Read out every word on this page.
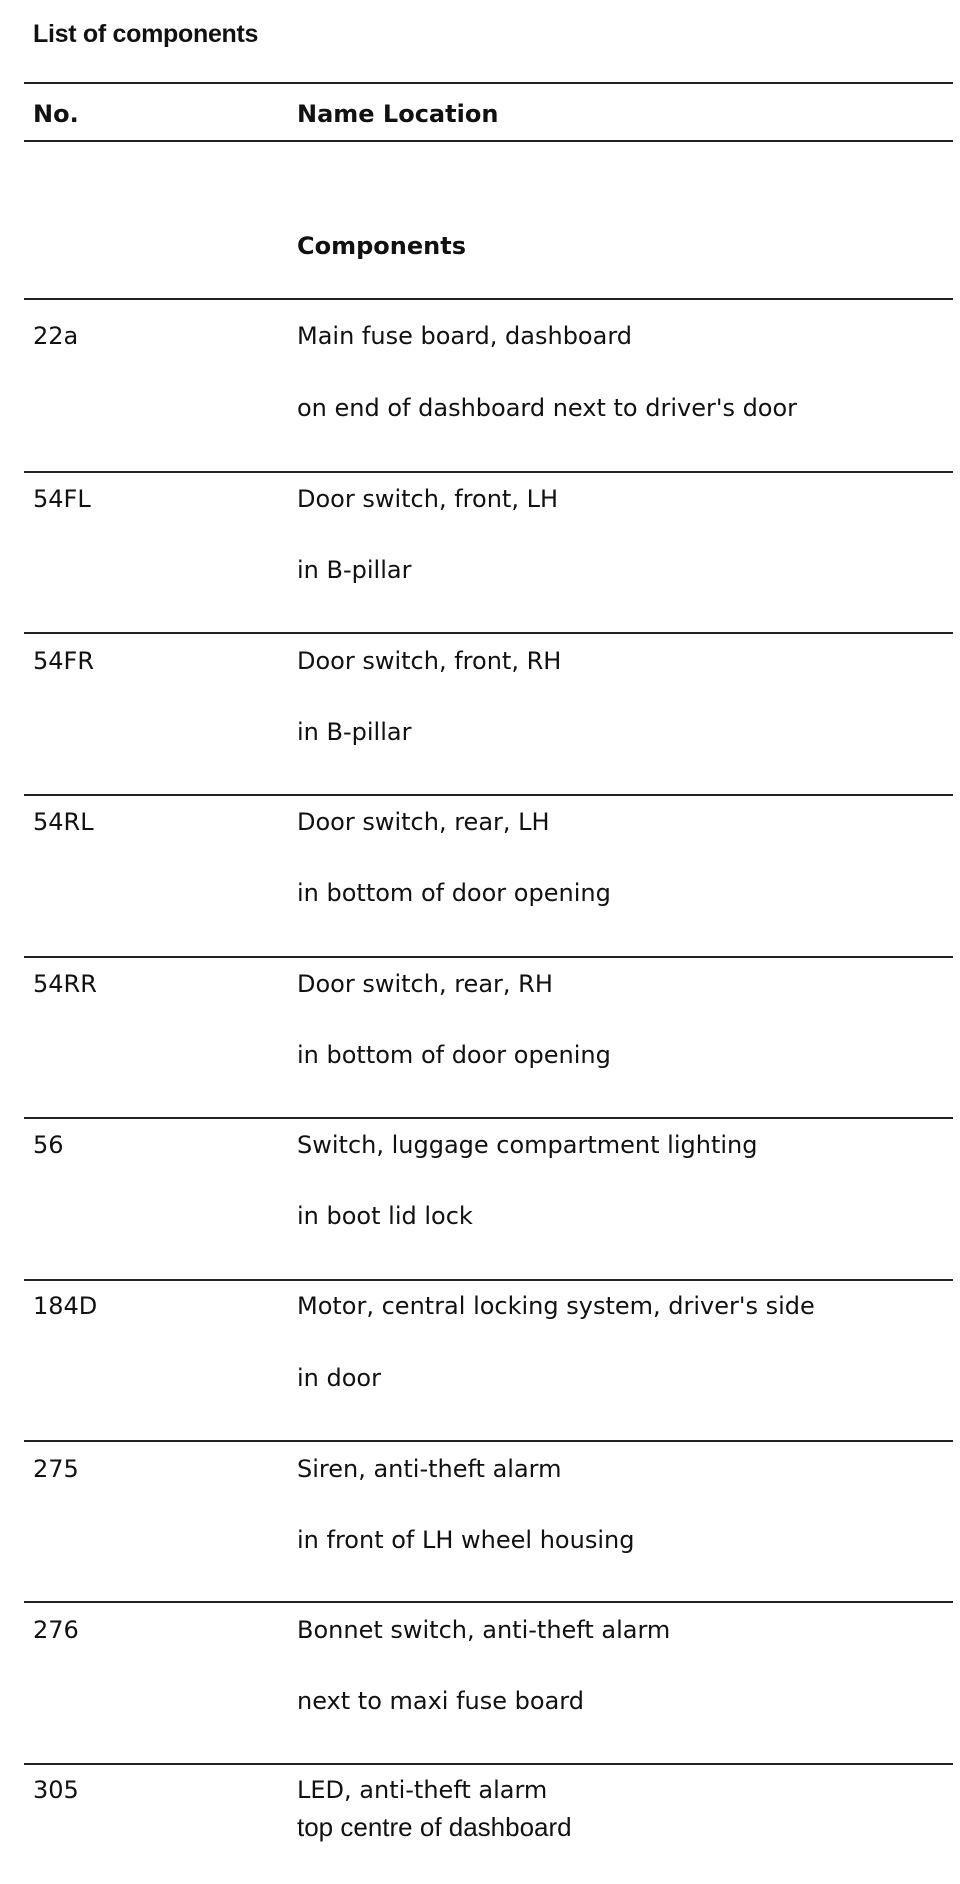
List of components
No.	Name Location
Components
22a	Main fuse board, dashboard
on end of dashboard next to driver's door
54FL	Door switch, front, LH
in B-pillar
54FR	Door switch, front, RH
in B-pillar
54RL	Door switch, rear, LH
in bottom of door opening
54RR	Door switch, rear, RH
in bottom of door opening
56	Switch, luggage compartment lighting
in boot lid lock
184D	Motor, central locking system, driver's side
in door
275	Siren, anti-theft alarm
in front of LH wheel housing
276	Bonnet switch, anti-theft alarm
next to maxi fuse board
305	LED, anti-theft alarm
top centre of dashboard
